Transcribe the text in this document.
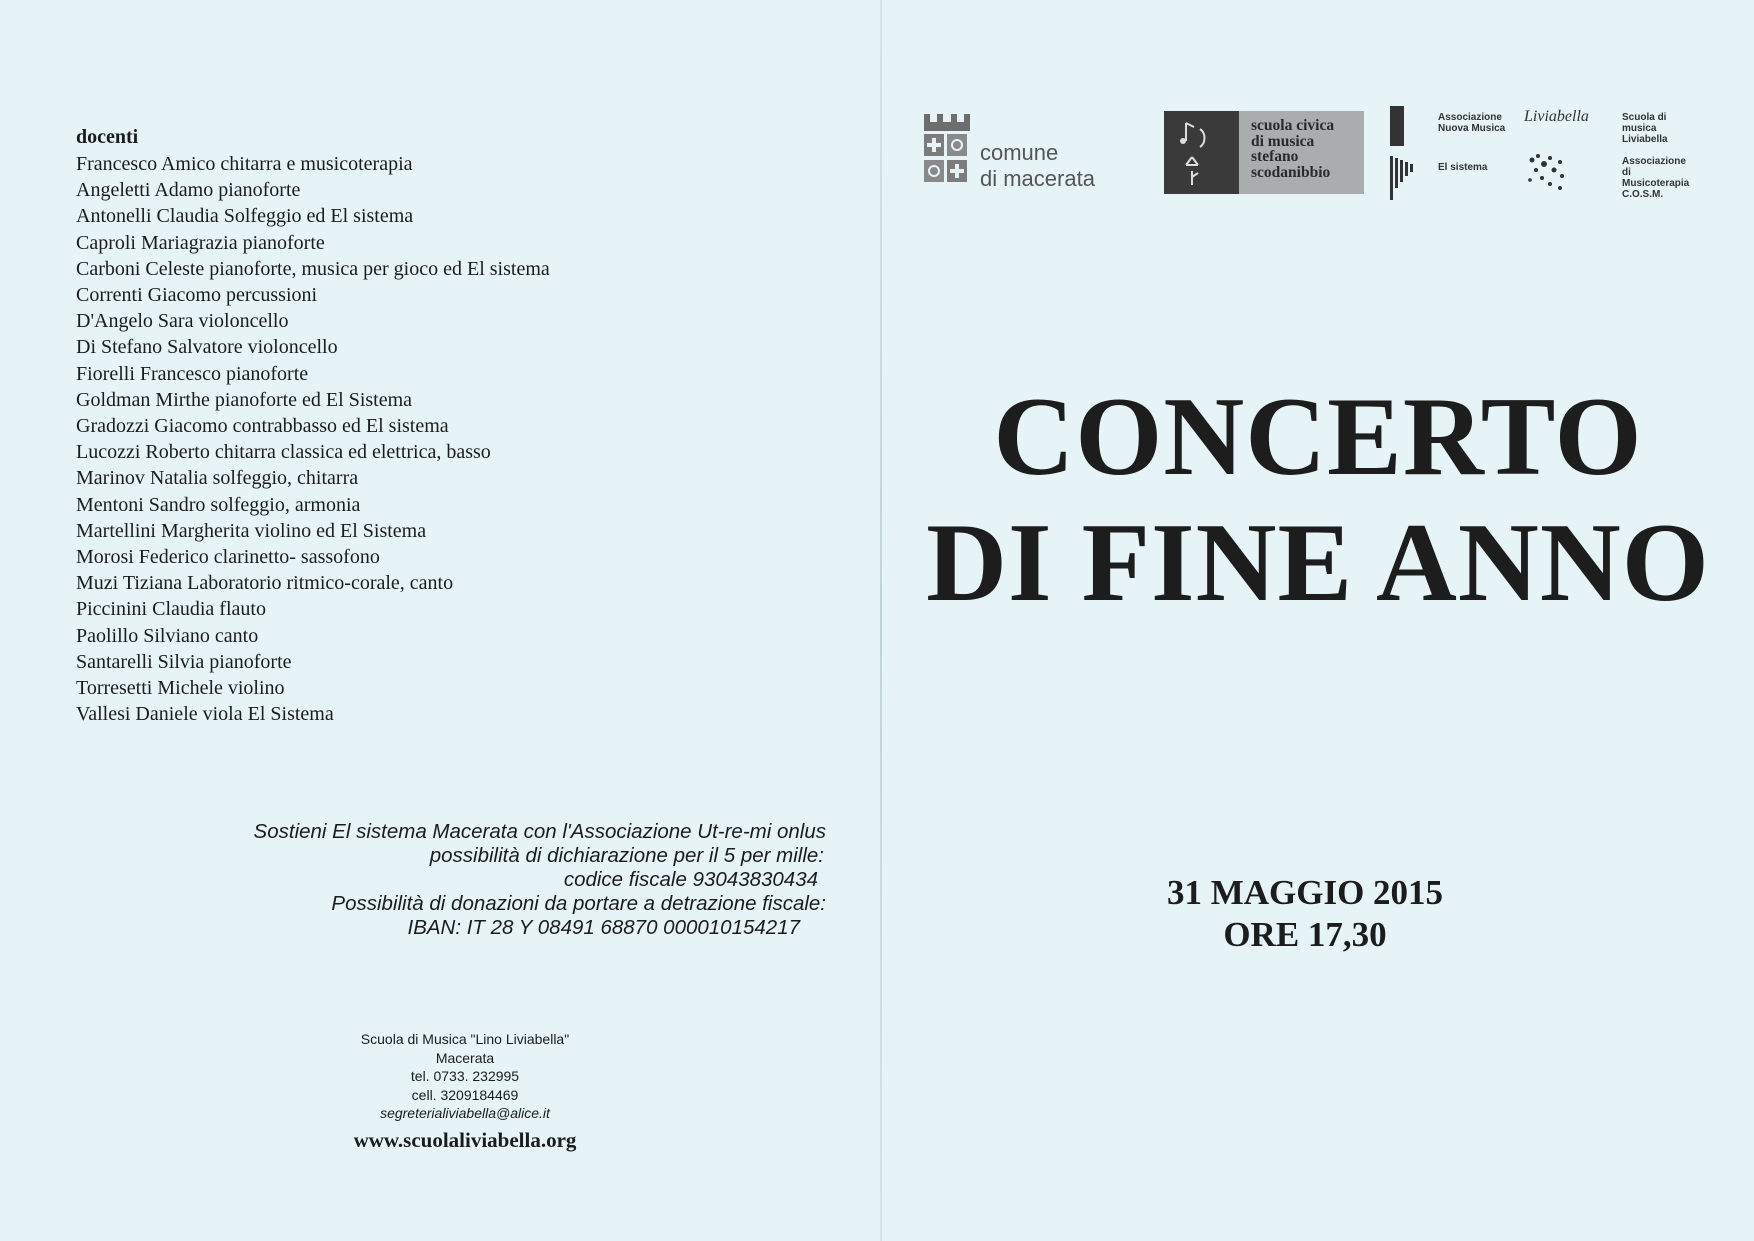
docenti
Francesco Amico chitarra e musicoterapia
Angeletti Adamo pianoforte
Antonelli Claudia Solfeggio ed El sistema
Caproli Mariagrazia pianoforte
Carboni Celeste pianoforte, musica per gioco ed El sistema
Correnti Giacomo percussioni
D'Angelo Sara violoncello
Di Stefano Salvatore violoncello
Fiorelli Francesco pianoforte
Goldman Mirthe pianoforte ed El Sistema
Gradozzi Giacomo contrabbasso ed El sistema
Lucozzi Roberto chitarra classica ed elettrica, basso
Marinov Natalia solfeggio, chitarra
Mentoni Sandro solfeggio, armonia
Martellini Margherita violino ed El Sistema
Morosi Federico clarinetto- sassofono
Muzi Tiziana Laboratorio ritmico-corale, canto
Piccinini Claudia flauto
Paolillo Silviano canto
Santarelli Silvia pianoforte
Torresetti Michele violino
Vallesi Daniele viola El Sistema
Sostieni El sistema Macerata con l'Associazione Ut-re-mi onlus
possibilità di dichiarazione per il 5 per mille:
codice fiscale 93043830434
Possibilità di donazioni da portare a detrazione fiscale:
IBAN: IT 28 Y 08491 68870 000010154217
Scuola di Musica "Lino Liviabella"
Macerata
tel. 0733. 232995
cell. 3209184469
segreterialiviabella@alice.it
www.scuolaliviabella.org
comune
di macerata
scuola civica
di musica
stefano
scodanibbio
Associazione
Nuova Musica
El sistema
Liviabella	Scuola di musica
Liviabella
Associazione
di Musicoterapia
C.O.S.M.
CONCERTO
DI FINE ANNO
31 MAGGIO 2015
ORE 17,30
